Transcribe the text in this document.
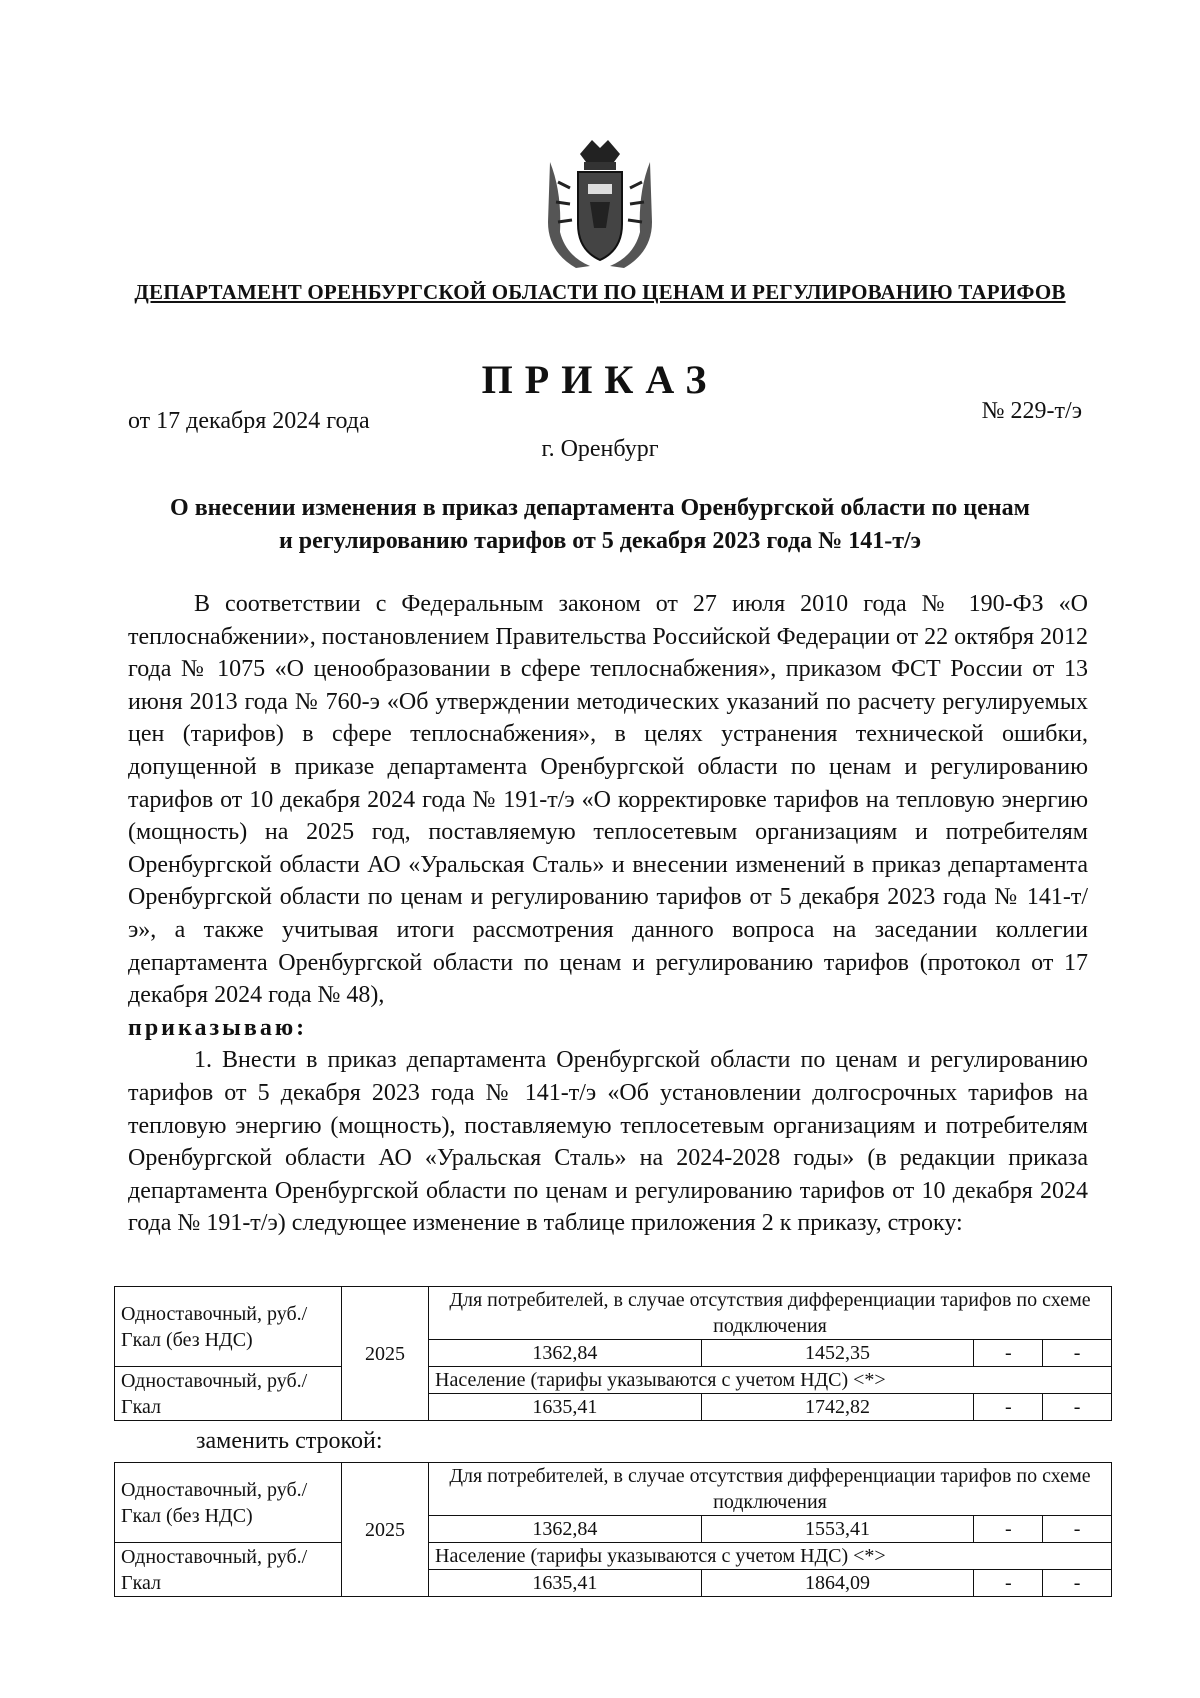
ДЕПАРТАМЕНТ ОРЕНБУРГСКОЙ ОБЛАСТИ ПО ЦЕНАМ И РЕГУЛИРОВАНИЮ ТАРИФОВ
ПРИКАЗ
от 17 декабря 2024 года	№ 229-т/э
г. Оренбург
О внесении изменения в приказ департамента Оренбургской области по ценам
и регулированию тарифов от 5 декабря 2023 года № 141-т/э

В соответствии с Федеральным законом от 27 июля 2010 года № 190-ФЗ «О теплоснабжении», постановлением Правительства Российской Федерации от 22 октября 2012 года № 1075 «О ценообразовании в сфере теплоснабжения», приказом ФСТ России от 13 июня 2013 года № 760-э «Об утверждении методических указаний по расчету регулируемых цен (тарифов) в сфере теплоснабжения», в целях устранения технической ошибки, допущенной в приказе департамента Оренбургской области по ценам и регулированию тарифов от 10 декабря 2024 года № 191-т/э «О корректировке тарифов на тепловую энергию (мощность) на 2025 год, поставляемую теплосетевым организациям и потребителям Оренбургской области АО «Уральская Сталь» и внесении изменений в приказ департамента Оренбургской области по ценам и регулированию тарифов от 5 декабря 2023 года № 141-т/э», а также учитывая итоги рассмотрения данного вопроса на заседании коллегии департамента Оренбургской области по ценам и регулированию тарифов (протокол от 17 декабря 2024 года № 48),

приказываю:

1. Внести в приказ департамента Оренбургской области по ценам и регулированию тарифов от 5 декабря 2023 года № 141-т/э «Об установлении долгосрочных тарифов на тепловую энергию (мощность), поставляемую теплосетевым организациям и потребителям Оренбургской области АО «Уральская Сталь» на 2024-2028 годы» (в редакции приказа департамента Оренбургской области по ценам и регулированию тарифов от 10 декабря 2024 года № 191-т/э) следующее изменение в таблице приложения 2 к приказу, строку:

Одноставочный, руб./Гкал (без НДС)	2025	Для потребителей, в случае отсутствия дифференциации тарифов по схеме подключения			

		1362,84	1452,35	-	-
Одноставочный, руб./Гкал		Население (тарифы указываются с учетом НДС) <*>			
		1635,41	1742,82	-	-
заменить строкой:
Одноставочный, руб./Гкал (без НДС)	2025	Для потребителей, в случае отсутствия дифференциации тарифов по схеме подключения			

		1362,84	1553,41	-	-
Одноставочный, руб./Гкал		Население (тарифы указываются с учетом НДС) <*>			
		1635,41	1864,09	-	-
